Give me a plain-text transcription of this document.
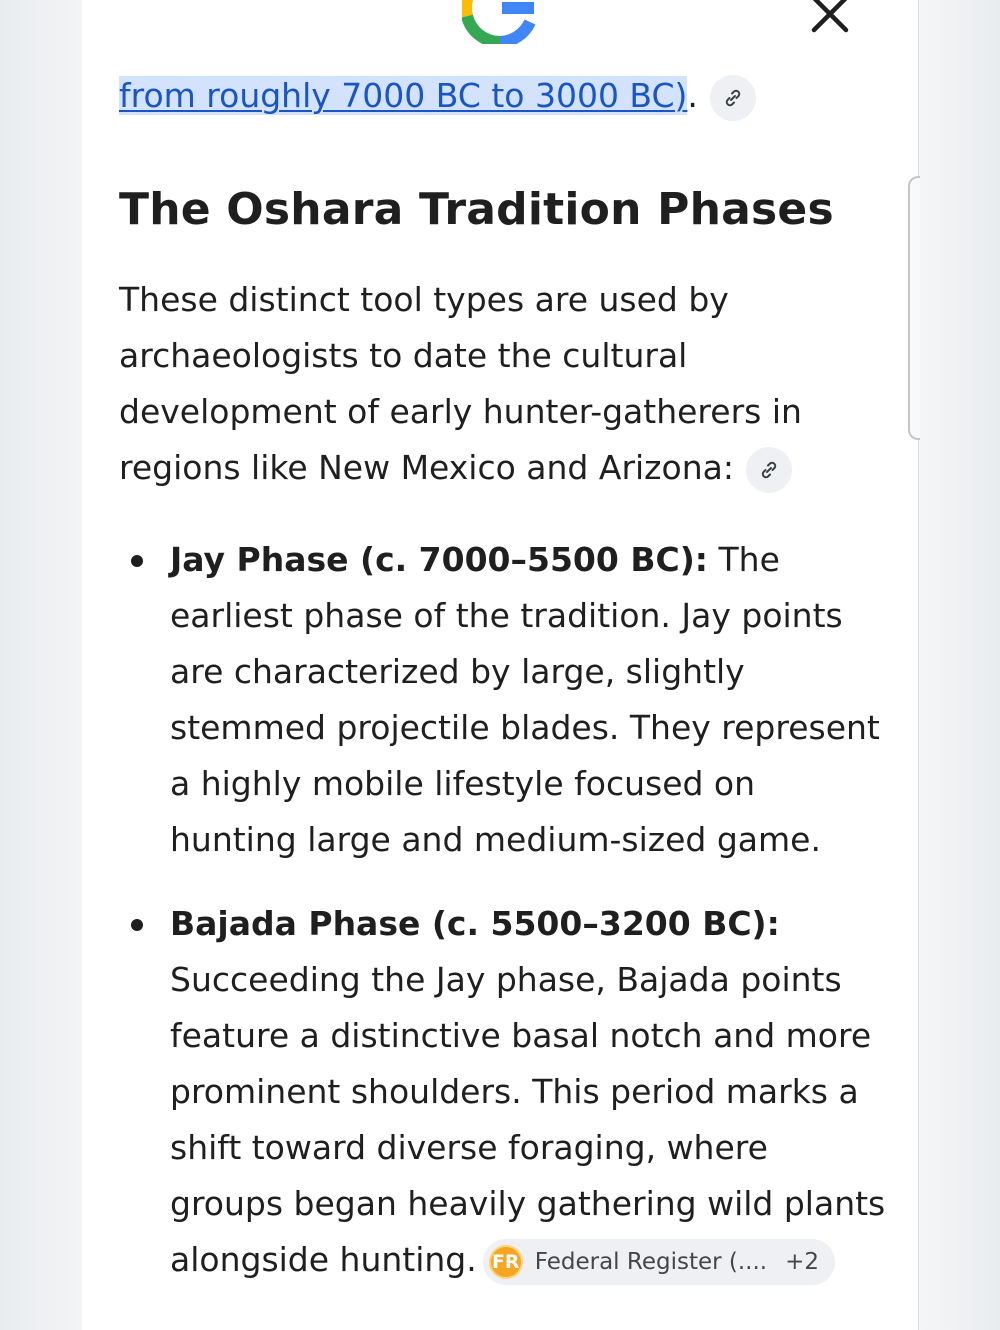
from roughly 7000 BC to 3000 BC).
The Oshara Tradition Phases

These distinct tool types are used by
archaeologists to date the cultural
development of early hunter-gatherers in
regions like New Mexico and Arizona:

Jay Phase (c. 7000–5500 BC): The
earliest phase of the tradition. Jay points
are characterized by large, slightly
stemmed projectile blades. They represent
a highly mobile lifestyle focused on
hunting large and medium-sized game.
Bajada Phase (c. 5500–3200 BC):
Succeeding the Jay phase, Bajada points
feature a distinctive basal notch and more
prominent shoulders. This period marks a
shift toward diverse foraging, where
groups began heavily gathering wild plants
alongside hunting. FR Federal Register (.... +2
